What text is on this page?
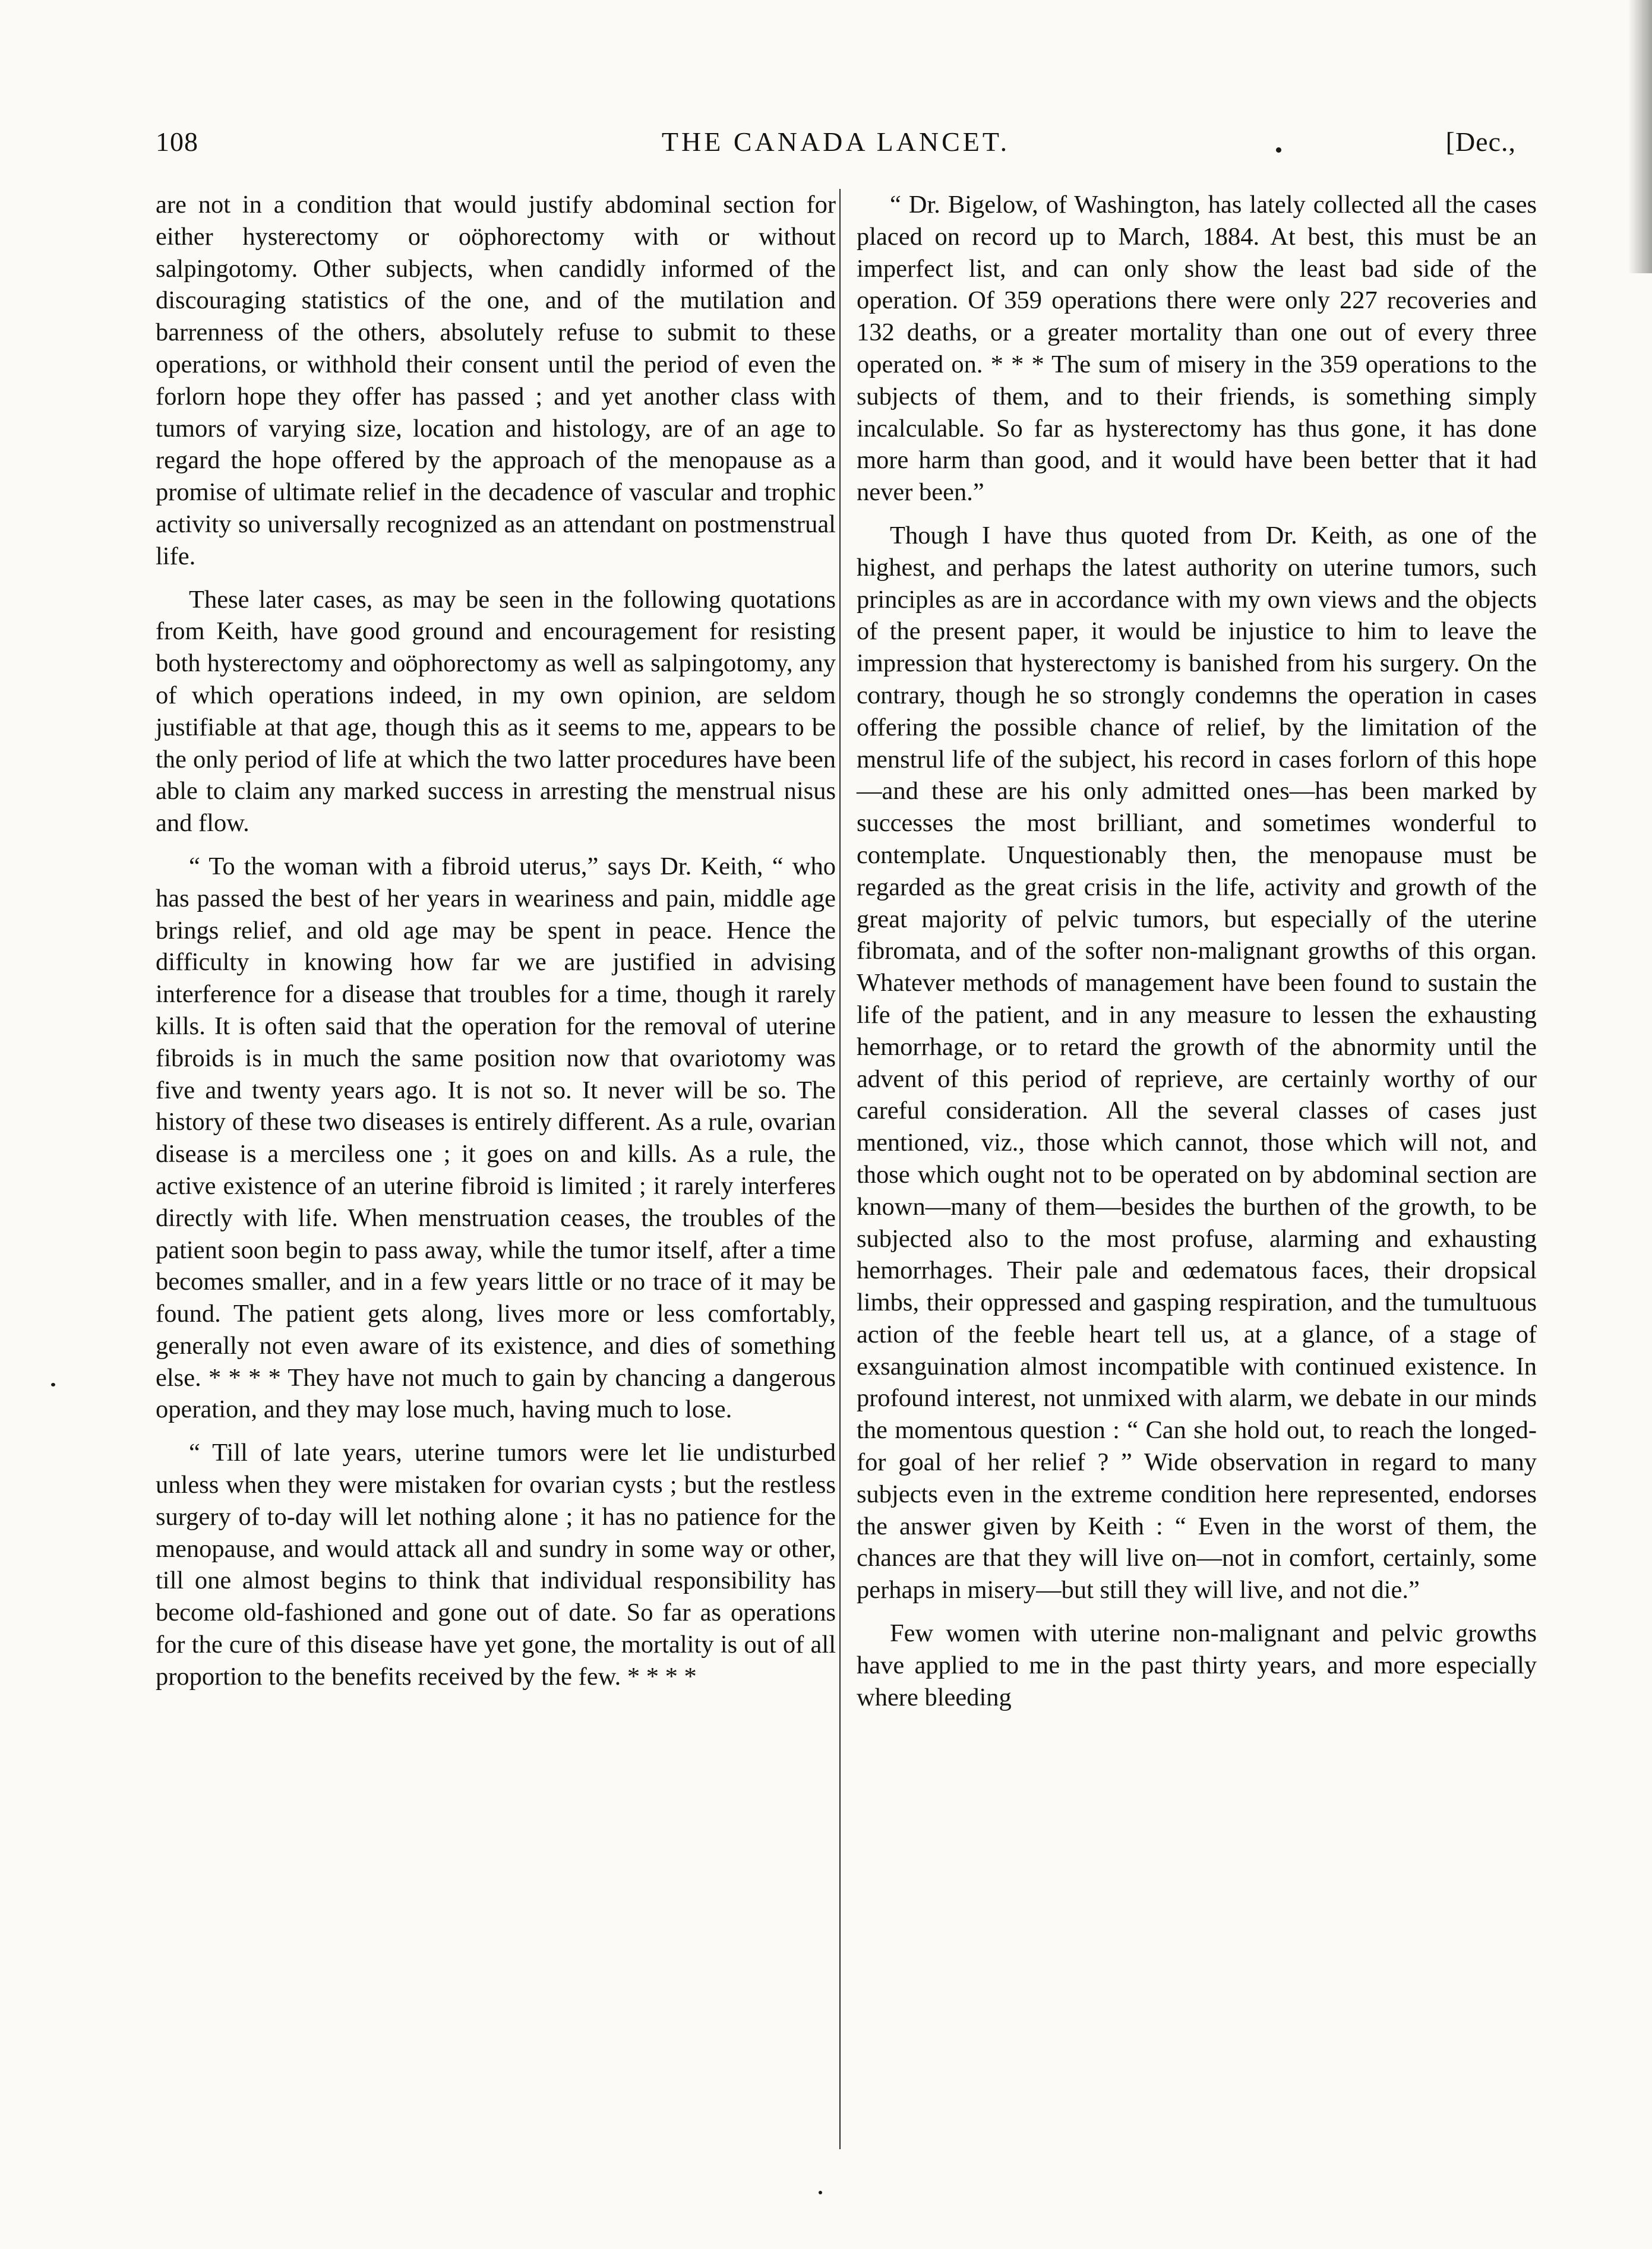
108	THE CANADA LANCET.	[Dec.,

are not in a condition that would justify abdominal section for either hysterectomy or oöphorectomy with or without salpingotomy. Other subjects, when candidly informed of the discouraging statistics of the one, and of the mutilation and barrenness of the others, absolutely refuse to submit to these operations, or withhold their consent until the period of even the forlorn hope they offer has passed ; and yet another class with tumors of varying size, location and histology, are of an age to regard the hope offered by the approach of the menopause as a promise of ultimate relief in the decadence of vascular and trophic activity so universally recognized as an attendant on postmenstrual life.

These later cases, as may be seen in the following quotations from Keith, have good ground and encouragement for resisting both hysterectomy and oöphorectomy as well as salpingotomy, any of which operations indeed, in my own opinion, are seldom justifiable at that age, though this as it seems to me, appears to be the only period of life at which the two latter procedures have been able to claim any marked success in arresting the menstrual nisus and flow.

“ To the woman with a fibroid uterus,” says Dr. Keith, “ who has passed the best of her years in weariness and pain, middle age brings relief, and old age may be spent in peace. Hence the difficulty in knowing how far we are justified in advising interference for a disease that troubles for a time, though it rarely kills. It is often said that the operation for the removal of uterine fibroids is in much the same position now that ovariotomy was five and twenty years ago. It is not so. It never will be so. The history of these two diseases is entirely different. As a rule, ovarian disease is a merciless one ; it goes on and kills. As a rule, the active existence of an uterine fibroid is limited ; it rarely interferes directly with life. When menstruation ceases, the troubles of the patient soon begin to pass away, while the tumor itself, after a time becomes smaller, and in a few years little or no trace of it may be found. The patient gets along, lives more or less comfortably, generally not even aware of its existence, and dies of something else. * * * * They have not much to gain by chancing a dangerous operation, and they may lose much, having much to lose.

“ Till of late years, uterine tumors were let lie undisturbed unless when they were mistaken for ovarian cysts ; but the restless surgery of to-day will let nothing alone ; it has no patience for the menopause, and would attack all and sundry in some way or other, till one almost begins to think that individual responsibility has become old-fashioned and gone out of date. So far as operations for the cure of this disease have yet gone, the mortality is out of all proportion to the benefits received by the few. * * * *

“ Dr. Bigelow, of Washington, has lately collected all the cases placed on record up to March, 1884. At best, this must be an imperfect list, and can only show the least bad side of the operation. Of 359 operations there were only 227 recoveries and 132 deaths, or a greater mortality than one out of every three operated on. * * * The sum of misery in the 359 operations to the subjects of them, and to their friends, is something simply incalculable. So far as hysterectomy has thus gone, it has done more harm than good, and it would have been better that it had never been.”

Though I have thus quoted from Dr. Keith, as one of the highest, and perhaps the latest authority on uterine tumors, such principles as are in accordance with my own views and the objects of the present paper, it would be injustice to him to leave the impression that hysterectomy is banished from his surgery. On the contrary, though he so strongly condemns the operation in cases offering the possible chance of relief, by the limitation of the menstrul life of the subject, his record in cases forlorn of this hope—and these are his only admitted ones—has been marked by successes the most brilliant, and sometimes wonderful to contemplate. Unquestionably then, the menopause must be regarded as the great crisis in the life, activity and growth of the great majority of pelvic tumors, but especially of the uterine fibromata, and of the softer non-malignant growths of this organ. Whatever methods of management have been found to sustain the life of the patient, and in any measure to lessen the exhausting hemorrhage, or to retard the growth of the abnormity until the advent of this period of reprieve, are certainly worthy of our careful consideration. All the several classes of cases just mentioned, viz., those which cannot, those which will not, and those which ought not to be operated on by abdominal section are known—many of them—besides the burthen of the growth, to be subjected also to the most profuse, alarming and exhausting hemorrhages. Their pale and œdematous faces, their dropsical limbs, their oppressed and gasping respiration, and the tumultuous action of the feeble heart tell us, at a glance, of a stage of exsanguination almost incompatible with continued existence. In profound interest, not unmixed with alarm, we debate in our minds the momentous question : “ Can she hold out, to reach the longed-for goal of her relief ? ” Wide observation in regard to many subjects even in the extreme condition here represented, endorses the answer given by Keith : “ Even in the worst of them, the chances are that they will live on—not in comfort, certainly, some perhaps in misery—but still they will live, and not die.”

Few women with uterine non-malignant and pelvic growths have applied to me in the past thirty years, and more especially where bleeding
